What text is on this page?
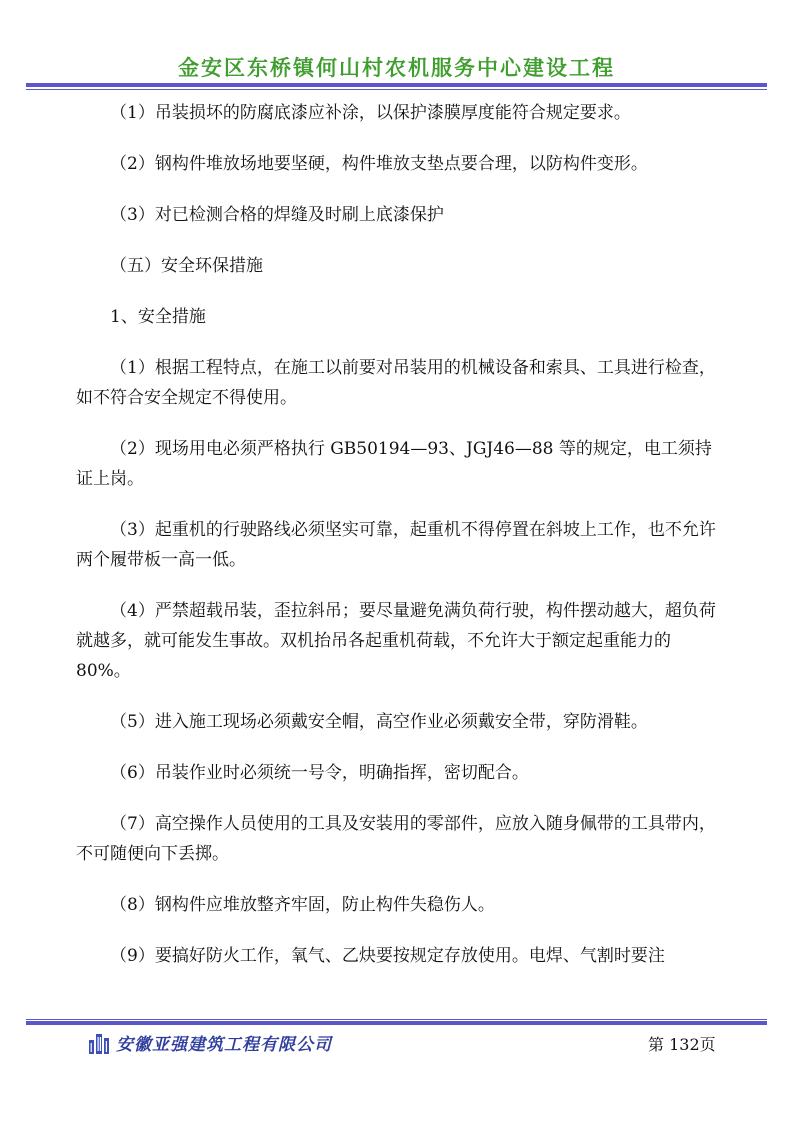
金安区东桥镇何山村农机服务中心建设工程

（1）吊装损坏的防腐底漆应补涂，以保护漆膜厚度能符合规定要求。

（2）钢构件堆放场地要坚硬，构件堆放支垫点要合理，以防构件变形。

（3）对已检测合格的焊缝及时刷上底漆保护

（五）安全环保措施

1、安全措施

（1）根据工程特点，在施工以前要对吊装用的机械设备和索具、工具进行检查，如不符合安全规定不得使用。

（2）现场用电必须严格执行 GB50194—93、JGJ46—88 等的规定，电工须持证上岗。

（3）起重机的行驶路线必须坚实可靠，起重机不得停置在斜坡上工作，也不允许两个履带板一高一低。

（4）严禁超载吊装，歪拉斜吊；要尽量避免满负荷行驶，构件摆动越大，超负荷就越多，就可能发生事故。双机抬吊各起重机荷载，不允许大于额定起重能力的 80%。

（5）进入施工现场必须戴安全帽，高空作业必须戴安全带，穿防滑鞋。

（6）吊装作业时必须统一号令，明确指挥，密切配合。

（7）高空操作人员使用的工具及安装用的零部件，应放入随身佩带的工具带内，不可随便向下丢掷。

（8）钢构件应堆放整齐牢固，防止构件失稳伤人。

（9）要搞好防火工作，氧气、乙炔要按规定存放使用。电焊、气割时要注

安徽亚强建筑工程有限公司	第 132页
